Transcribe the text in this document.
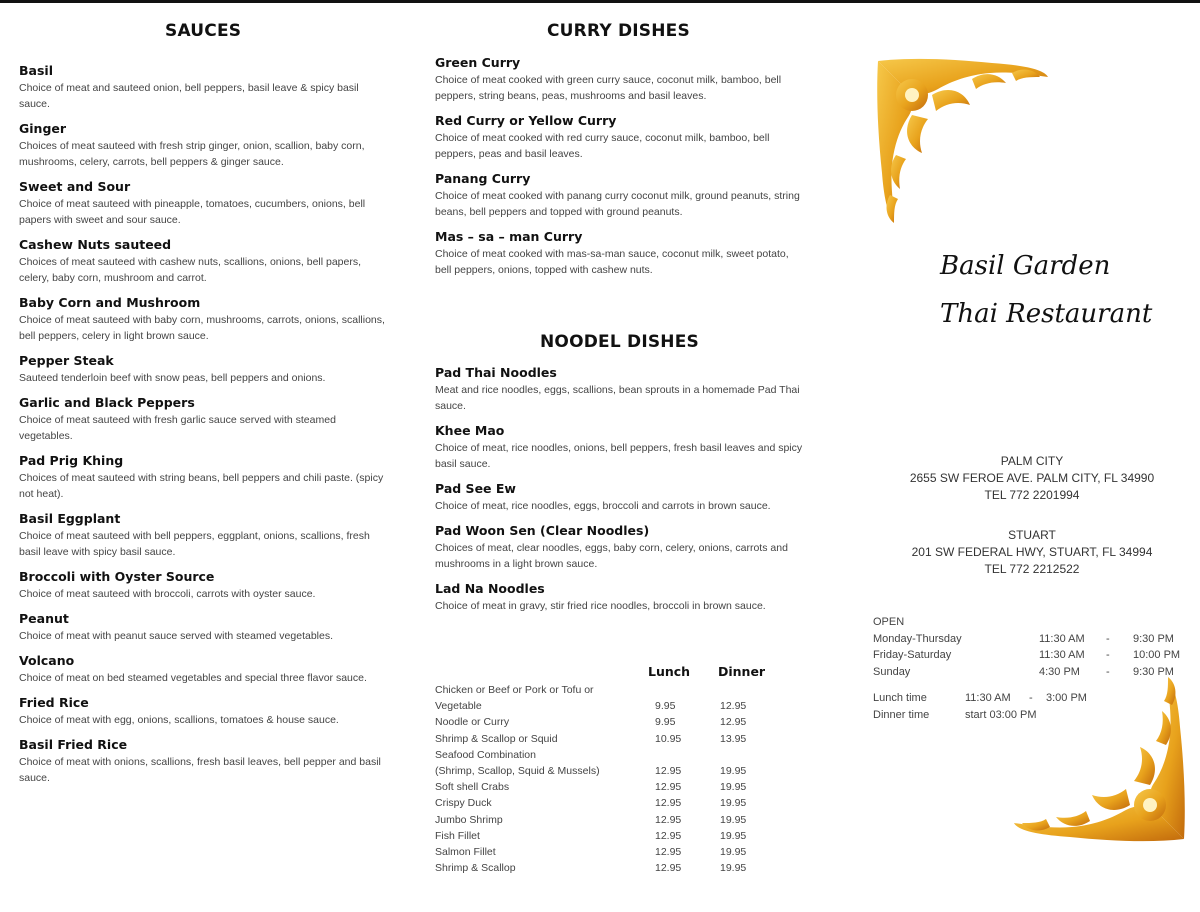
SAUCES
Basil
Choice of meat and sauteed onion, bell peppers, basil leave & spicy basil sauce.
Ginger
Choices of meat sauteed with fresh strip ginger, onion, scallion, baby corn, mushrooms, celery, carrots, bell peppers & ginger sauce.
Sweet and Sour
Choice of meat sauteed with pineapple, tomatoes, cucumbers, onions, bell papers with sweet and sour sauce.
Cashew Nuts sauteed
Choices of meat sauteed with cashew nuts, scallions, onions, bell papers, celery, baby corn, mushroom and carrot.
Baby Corn and Mushroom
Choice of meat sauteed with baby corn, mushrooms, carrots, onions, scallions, bell peppers, celery in light brown sauce.
Pepper Steak
Sauteed tenderloin beef with snow peas, bell peppers and onions.
Garlic and Black Peppers
Choice of meat sauteed with fresh garlic sauce served with steamed vegetables.
Pad Prig Khing
Choices of meat sauteed with string beans, bell peppers and chili paste. (spicy not heat).
Basil Eggplant
Choice of meat sauteed with bell peppers, eggplant, onions, scallions, fresh basil leave with spicy basil sauce.
Broccoli with Oyster Source
Choice of meat sauteed with broccoli, carrots with oyster sauce.
Peanut
Choice of meat with peanut sauce served with steamed vegetables.
Volcano
Choice of meat on bed steamed vegetables and special three flavor sauce.
Fried Rice
Choice of meat with egg, onions, scallions, tomatoes & house sauce.
Basil Fried Rice
Choice of meat with onions, scallions, fresh basil leaves, bell pepper and basil sauce.
CURRY DISHES
Green Curry
Choice of meat cooked with green curry sauce, coconut milk, bamboo, bell peppers, string beans, peas, mushrooms and basil leaves.
Red Curry or Yellow Curry
Choice of meat cooked with red curry sauce, coconut milk, bamboo, bell peppers, peas and basil leaves.
Panang Curry
Choice of meat cooked with panang curry coconut milk, ground peanuts, string beans, bell peppers and topped with ground peanuts.
Mas – sa – man Curry
Choice of meat cooked with mas-sa-man sauce, coconut milk, sweet potato, bell peppers, onions, topped with cashew nuts.
NOODEL DISHES
Pad Thai Noodles
Meat and rice noodles, eggs, scallions, bean sprouts in a homemade Pad Thai sauce.
Khee Mao
Choice of meat, rice noodles, onions, bell peppers, fresh basil leaves and spicy basil sauce.
Pad See Ew
Choice of meat, rice noodles, eggs, broccoli and carrots in brown sauce.
Pad Woon Sen (Clear Noodles)
Choices of meat, clear noodles, eggs, baby corn, celery, onions, carrots and mushrooms in a light brown sauce.
Lad Na Noodles
Choice of meat in gravy, stir fried rice noodles, broccoli in brown sauce.
Lunch Dinner
Chicken or Beef or Pork or Tofu or
Vegetable	9.95	12.95
Noodle or Curry	9.95	12.95
Shrimp & Scallop or Squid	10.95	13.95
Seafood Combination
(Shrimp, Scallop, Squid & Mussels)	12.95	19.95
Soft shell Crabs	12.95	19.95
Crispy Duck	12.95	19.95
Jumbo Shrimp	12.95	19.95
Fish Fillet	12.95	19.95
Salmon Fillet	12.95	19.95
Shrimp & Scallop	12.95	19.95
Basil Garden
Thai Restaurant
PALM CITY
2655 SW FEROE AVE. PALM CITY, FL 34990
TEL 772 2201994
STUART
201 SW FEDERAL HWY, STUART, FL 34994
TEL 772 2212522
OPEN
Monday-Thursday	11:30 AM - 9:30 PM
Friday-Saturday	11:30 AM - 10:00 PM
Sunday	4:30 PM - 9:30 PM
Lunch time	11:30 AM - 3:00 PM
Dinner time	start 03:00 PM
